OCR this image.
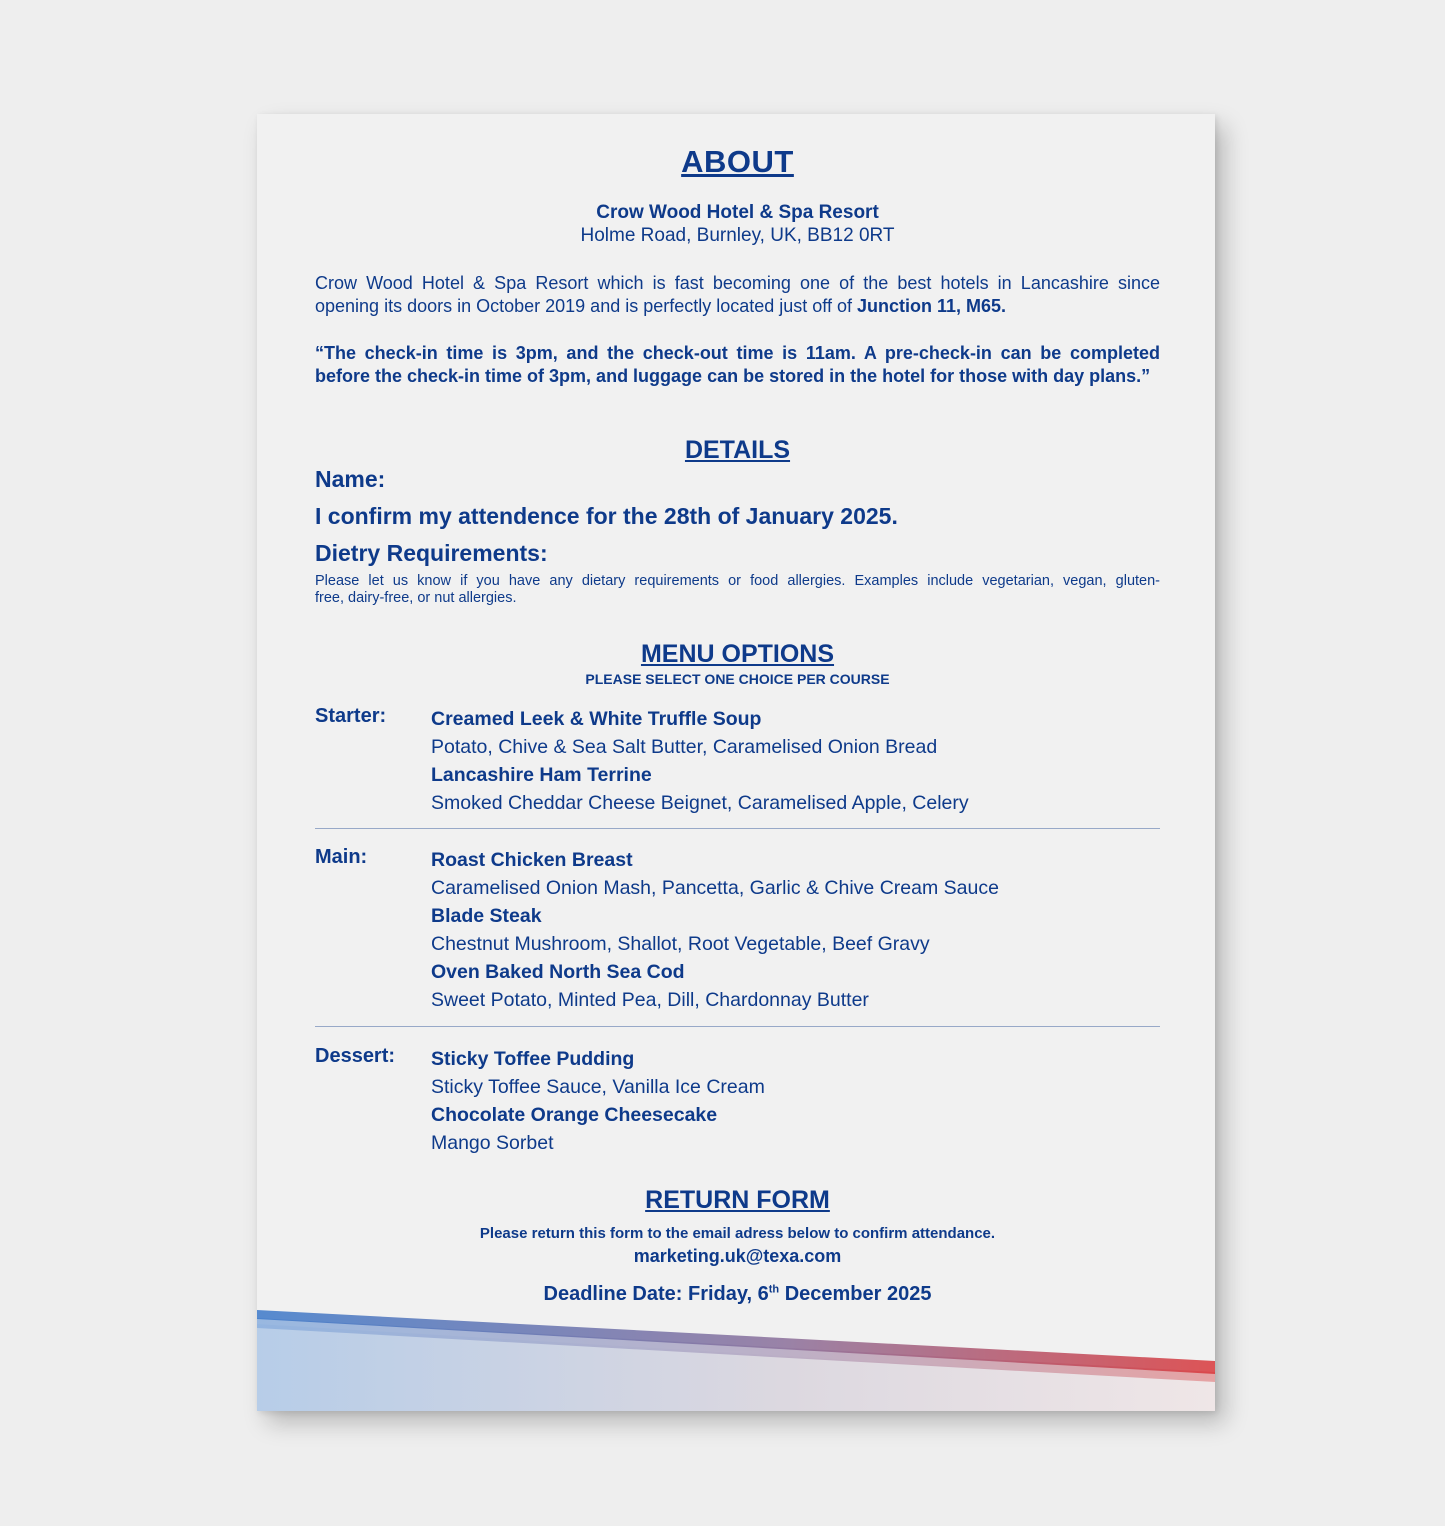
ABOUT
Crow Wood Hotel & Spa Resort
Holme Road, Burnley, UK, BB12 0RT
Crow Wood Hotel & Spa Resort which is fast becoming one of the best hotels in Lancashire since
opening its doors in October 2019 and is perfectly located just off of Junction 11, M65.
“The check-in time is 3pm, and the check-out time is 11am. A pre-check-in can be completed
before the check-in time of 3pm, and luggage can be stored in the hotel for those with day plans.”
DETAILS
Name:
I confirm my attendence for the 28th of January 2025.
Dietry Requirements:
Please let us know if you have any dietary requirements or food allergies. Examples include vegetarian, vegan, gluten-
free, dairy-free, or nut allergies.
MENU OPTIONS
PLEASE SELECT ONE CHOICE PER COURSE
Starter: Creamed Leek & White Truffle Soup
Potato, Chive & Sea Salt Butter, Caramelised Onion Bread
Lancashire Ham Terrine
Smoked Cheddar Cheese Beignet, Caramelised Apple, Celery
Main:	Roast Chicken Breast
Caramelised Onion Mash, Pancetta, Garlic & Chive Cream Sauce
Blade Steak
Chestnut Mushroom, Shallot, Root Vegetable, Beef Gravy
Oven Baked North Sea Cod
Sweet Potato, Minted Pea, Dill, Chardonnay Butter
Dessert: Sticky Toffee Pudding
Sticky Toffee Sauce, Vanilla Ice Cream
Chocolate Orange Cheesecake
Mango Sorbet
RETURN FORM
Please return this form to the email adress below to confirm attendance.
marketing.uk@texa.com
Deadline Date: Friday, 6th December 2025
